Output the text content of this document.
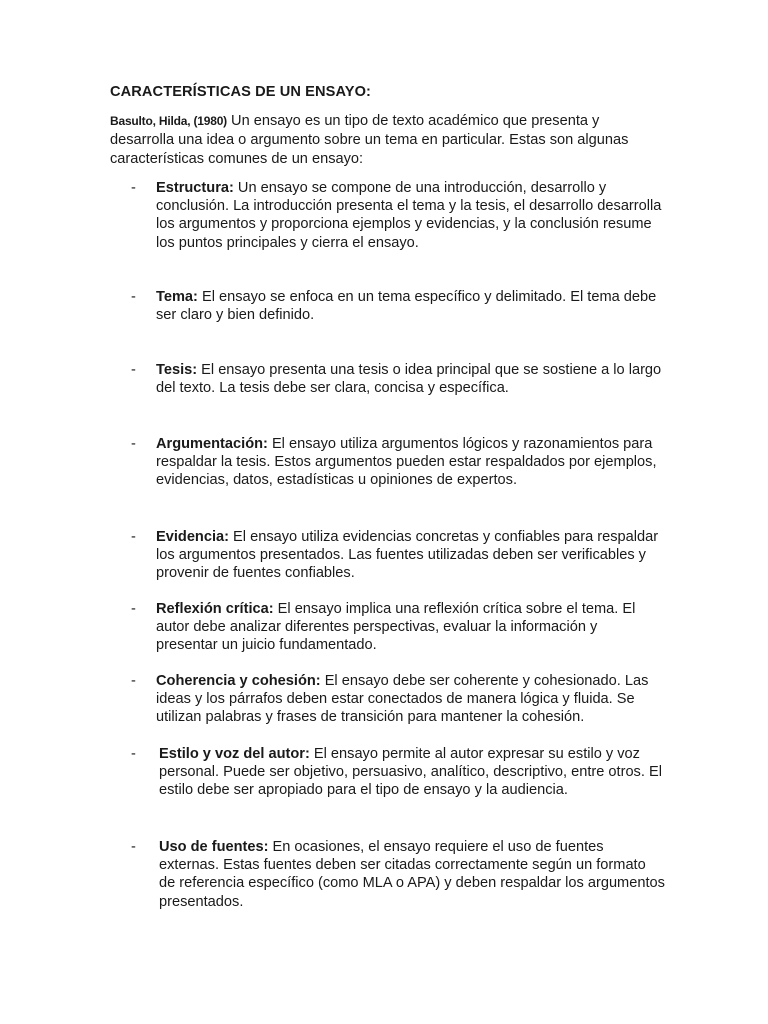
CARACTERÍSTICAS DE UN ENSAYO:

Basulto, Hilda, (1980) Un ensayo es un tipo de texto académico que presenta y desarrolla una idea o argumento sobre un tema en particular. Estas son algunas características comunes de un ensayo:

- Estructura: Un ensayo se compone de una introducción, desarrollo y conclusión. La introducción presenta el tema y la tesis, el desarrollo desarrolla los argumentos y proporciona ejemplos y evidencias, y la conclusión resume los puntos principales y cierra el ensayo.

- Tema: El ensayo se enfoca en un tema específico y delimitado. El tema debe ser claro y bien definido.

- Tesis: El ensayo presenta una tesis o idea principal que se sostiene a lo largo del texto. La tesis debe ser clara, concisa y específica.

- Argumentación: El ensayo utiliza argumentos lógicos y razonamientos para respaldar la tesis. Estos argumentos pueden estar respaldados por ejemplos, evidencias, datos, estadísticas u opiniones de expertos.

- Evidencia: El ensayo utiliza evidencias concretas y confiables para respaldar los argumentos presentados. Las fuentes utilizadas deben ser verificables y provenir de fuentes confiables.

- Reflexión crítica: El ensayo implica una reflexión crítica sobre el tema. El autor debe analizar diferentes perspectivas, evaluar la información y presentar un juicio fundamentado.

- Coherencia y cohesión: El ensayo debe ser coherente y cohesionado. Las ideas y los párrafos deben estar conectados de manera lógica y fluida. Se utilizan palabras y frases de transición para mantener la cohesión.

- Estilo y voz del autor: El ensayo permite al autor expresar su estilo y voz personal. Puede ser objetivo, persuasivo, analítico, descriptivo, entre otros. El estilo debe ser apropiado para el tipo de ensayo y la audiencia.

- Uso de fuentes: En ocasiones, el ensayo requiere el uso de fuentes externas. Estas fuentes deben ser citadas correctamente según un formato de referencia específico (como MLA o APA) y deben respaldar los argumentos presentados.
